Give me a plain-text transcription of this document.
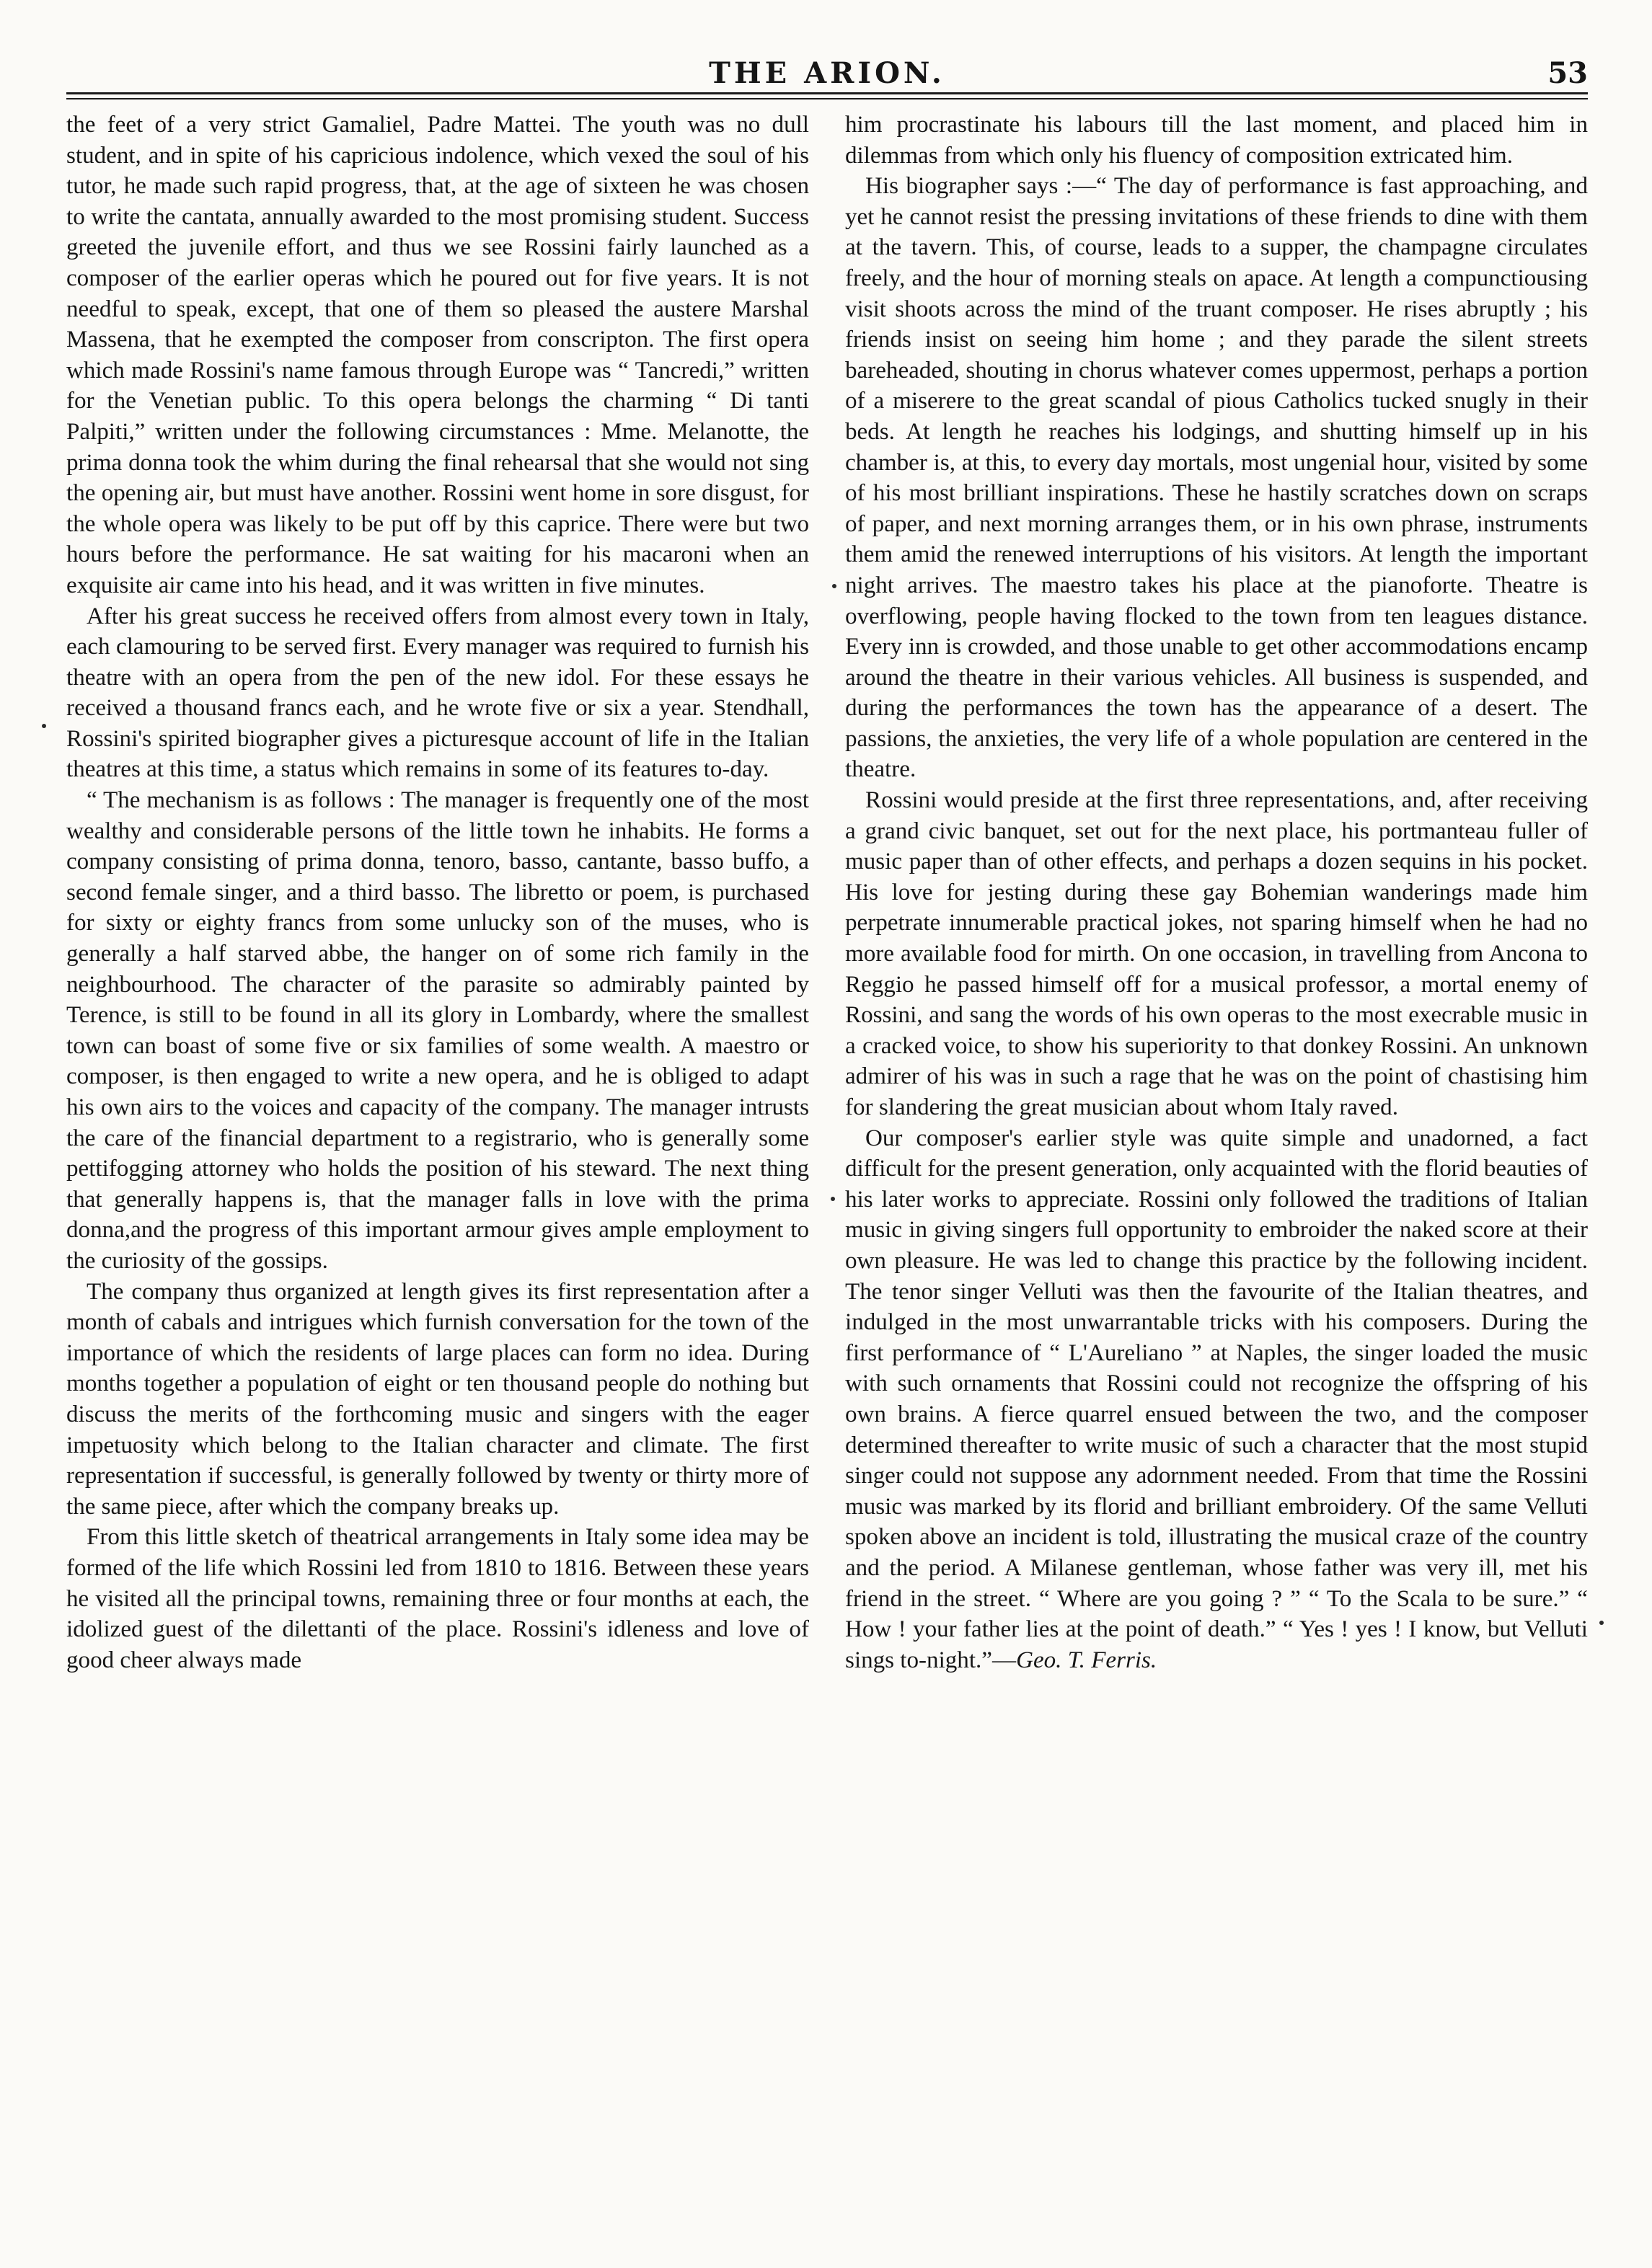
THE ARION.	53

the feet of a very strict Gamaliel, Padre Mattei. The youth was no dull student, and in spite of his capricious indolence, which vexed the soul of his tutor, he made such rapid progress, that, at the age of sixteen he was chosen to write the cantata, annually awarded to the most promising student. Success greeted the juvenile effort, and thus we see Rossini fairly launched as a composer of the earlier operas which he poured out for five years. It is not needful to speak, except, that one of them so pleased the austere Marshal Massena, that he exempted the composer from conscripton. The first opera which made Rossini's name famous through Europe was “ Tancredi,” written for the Venetian public. To this opera belongs the charming “ Di tanti Palpiti,” written under the following circumstances : Mme. Melanotte, the prima donna took the whim during the final rehearsal that she would not sing the opening air, but must have another. Rossini went home in sore disgust, for the whole opera was likely to be put off by this caprice. There were but two hours before the performance. He sat waiting for his macaroni when an exquisite air came into his head, and it was written in five minutes.

After his great success he received offers from almost every town in Italy, each clamouring to be served first. Every manager was required to furnish his theatre with an opera from the pen of the new idol. For these essays he received a thousand francs each, and he wrote five or six a year. Stendhall, Rossini's spirited biographer gives a picturesque account of life in the Italian theatres at this time, a status which remains in some of its features to-day.

“ The mechanism is as follows : The manager is frequently one of the most wealthy and considerable persons of the little town he inhabits. He forms a company consisting of prima donna, tenoro, basso, cantante, basso buffo, a second female singer, and a third basso. The libretto or poem, is purchased for sixty or eighty francs from some unlucky son of the muses, who is generally a half starved abbe, the hanger on of some rich family in the neighbourhood. The character of the parasite so admirably painted by Terence, is still to be found in all its glory in Lombardy, where the smallest town can boast of some five or six families of some wealth. A maestro or composer, is then engaged to write a new opera, and he is obliged to adapt his own airs to the voices and capacity of the company. The manager intrusts the care of the financial department to a registrario, who is generally some pettifogging attorney who holds the position of his steward. The next thing that generally happens is, that the manager falls in love with the prima donna,and the progress of this important armour gives ample employment to the curiosity of the gossips.

The company thus organized at length gives its first representation after a month of cabals and intrigues which furnish conversation for the town of the importance of which the residents of large places can form no idea. During months together a population of eight or ten thousand people do nothing but discuss the merits of the forthcoming music and singers with the eager impetuosity which belong to the Italian character and climate. The first representation if successful, is generally followed by twenty or thirty more of the same piece, after which the company breaks up.

From this little sketch of theatrical arrangements in Italy some idea may be formed of the life which Rossini led from 1810 to 1816. Between these years he visited all the principal towns, remaining three or four months at each, the idolized guest of the dilettanti of the place. Rossini's idleness and love of good cheer always made

him procrastinate his labours till the last moment, and placed him in dilemmas from which only his fluency of composition extricated him.

His biographer says :—“ The day of performance is fast approaching, and yet he cannot resist the pressing invitations of these friends to dine with them at the tavern. This, of course, leads to a supper, the champagne circulates freely, and the hour of morning steals on apace. At length a compunctiousing visit shoots across the mind of the truant composer. He rises abruptly ; his friends insist on seeing him home ; and they parade the silent streets bareheaded, shouting in chorus whatever comes uppermost, perhaps a portion of a miserere to the great scandal of pious Catholics tucked snugly in their beds. At length he reaches his lodgings, and shutting himself up in his chamber is, at this, to every day mortals, most ungenial hour, visited by some of his most brilliant inspirations. These he hastily scratches down on scraps of paper, and next morning arranges them, or in his own phrase, instruments them amid the renewed interruptions of his visitors. At length the important night arrives. The maestro takes his place at the pianoforte. Theatre is overflowing, people having flocked to the town from ten leagues distance. Every inn is crowded, and those unable to get other accommodations encamp around the theatre in their various vehicles. All business is suspended, and during the performances the town has the appearance of a desert. The passions, the anxieties, the very life of a whole population are centered in the theatre.

Rossini would preside at the first three representations, and, after receiving a grand civic banquet, set out for the next place, his portmanteau fuller of music paper than of other effects, and perhaps a dozen sequins in his pocket. His love for jesting during these gay Bohemian wanderings made him perpetrate innumerable practical jokes, not sparing himself when he had no more available food for mirth. On one occasion, in travelling from Ancona to Reggio he passed himself off for a musical professor, a mortal enemy of Rossini, and sang the words of his own operas to the most execrable music in a cracked voice, to show his superiority to that donkey Rossini. An unknown admirer of his was in such a rage that he was on the point of chastising him for slandering the great musician about whom Italy raved.

Our composer's earlier style was quite simple and unadorned, a fact difficult for the present generation, only acquainted with the florid beauties of his later works to appreciate. Rossini only followed the traditions of Italian music in giving singers full opportunity to embroider the naked score at their own pleasure. He was led to change this practice by the following incident. The tenor singer Velluti was then the favourite of the Italian theatres, and indulged in the most unwarrantable tricks with his composers. During the first performance of “ L'Aureliano ” at Naples, the singer loaded the music with such ornaments that Rossini could not recognize the offspring of his own brains. A fierce quarrel ensued between the two, and the composer determined thereafter to write music of such a character that the most stupid singer could not suppose any adornment needed. From that time the Rossini music was marked by its florid and brilliant embroidery. Of the same Velluti spoken above an incident is told, illustrating the musical craze of the country and the period. A Milanese gentleman, whose father was very ill, met his friend in the street. “ Where are you going ? ” “ To the Scala to be sure.” “ How ! your father lies at the point of death.” “ Yes ! yes ! I know, but Velluti sings to-night.”—Geo. T. Ferris.
